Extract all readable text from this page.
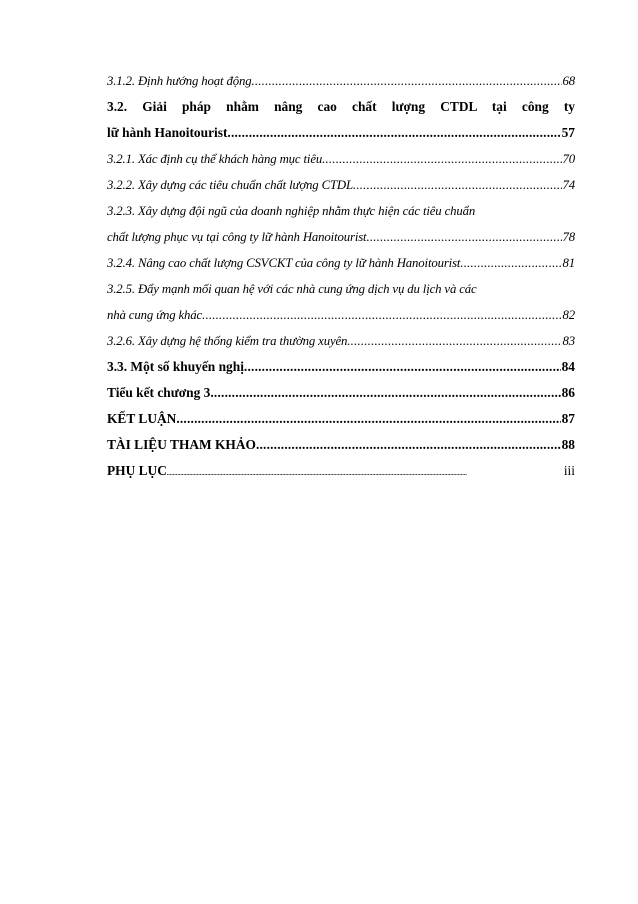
3.1.2. Định hướng hoạt động .....	68
3.2. Giải pháp nhằm nâng cao chất lượng CTDL tại công ty
lữ hành Hanoitourist .....	57
3.2.1. Xác định cụ thể khách hàng mục tiêu .....	70
3.2.2. Xây dựng các tiêu chuẩn chất lượng CTDL .....	74
3.2.3. Xây dựng đội ngũ của doanh nghiệp nhằm thực hiện các tiêu chuẩn
chất lượng phục vụ tại công ty lữ hành Hanoitourist .....	78
3.2.4. Nâng cao chất lượng CSVCKT của công ty lữ hành Hanoitourist .....	81
3.2.5. Đẩy mạnh mối quan hệ với các nhà cung ứng dịch vụ du lịch và các
nhà cung ứng khác .....	82
3.2.6. Xây dựng hệ thống kiểm tra thường xuyên .....	83
3.3. Một số khuyến nghị .....	84
Tiểu kết chương 3 .....	86
KẾT LUẬN .....	87
TÀI LIỆU THAM KHẢO .....	88
PHỤ LỤC .....	iii
